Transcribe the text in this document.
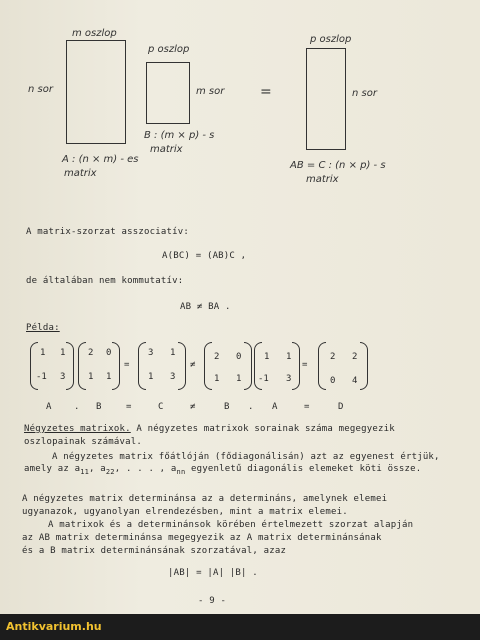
m oszlop
n sor
A : (n × m) - es
matrix
p oszlop
m sor
B : (m × p) - s
matrix
=
p oszlop
n sor
AB = C : (n × p) - s
matrix
A matrix-szorzat asszociatív:
A(BC) = (AB)C ,
de általában nem kommutatív:
AB ≠ BA .
Példa:
1 1
-1 3
2 0
1 1
=
3 1
1 3
≠
2 0
1 1
1 1
-1 3
=
2 2
0 4
A	. B	=	C	≠	B . A	=	D
Négyzetes matrixok. A négyzetes matrixok sorainak száma megegyezik
oszlopainak számával.
A négyzetes matrix főátlóján (fődiagonálisán) azt az egyenest értjük,
amely az $a_{11}$, $a_{22}$, . . . , $a_{nn}$ egyenletű diagonális elemeket köti össze.
A négyzetes matrix determinánsa az a determináns, amelynek elemei
ugyanazok, ugyanolyan elrendezésben, mint a matrix elemei.
A matrixok és a determinánsok körében értelmezett szorzat alapján
az AB matrix determinánsa megegyezik az A matrix determinánsának
és a B matrix determinánsának szorzatával, azaz
|AB| = |A| |B| .
- 9 -
Antikvarium.hu
